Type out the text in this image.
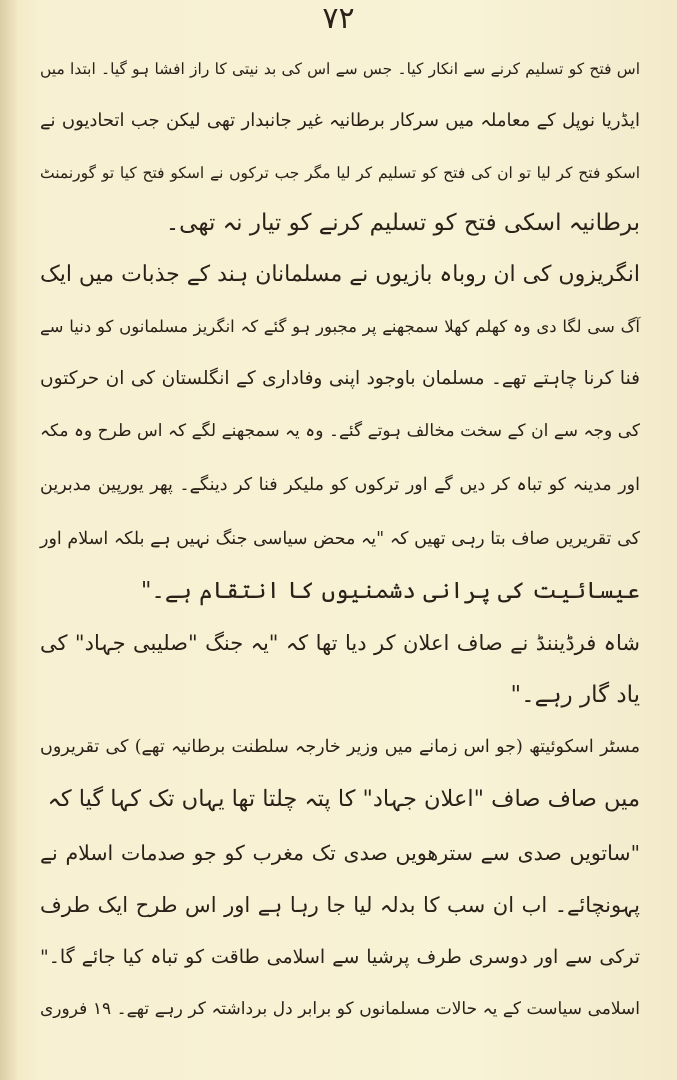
۷۲
اس فتح کو تسلیم کرنے سے انکار کیا۔ جس سے اس کی بد نیتی کا راز افشا ہو گیا۔ ابتدا میں
ایڈریا نوپل کے معاملہ میں سرکار برطانیہ غیر جانبدار تھی لیکن جب اتحادیوں نے
اسکو فتح کر لیا تو ان کی فتح کو تسلیم کر لیا مگر جب ترکوں نے اسکو فتح کیا تو گورنمنٹ
برطانیہ اسکی فتح کو تسلیم کرنے کو تیار نہ تھی۔
انگریزوں کی ان روباہ بازیوں نے مسلمانان ہند کے جذبات میں ایک
آگ سی لگا دی وہ کھلم کھلا سمجھنے پر مجبور ہو گئے کہ انگریز مسلمانوں کو دنیا سے
فنا کرنا چاہتے تھے۔ مسلمان باوجود اپنی وفاداری کے انگلستان کی ان حرکتوں
کی وجہ سے ان کے سخت مخالف ہوتے گئے۔ وہ یہ سمجھنے لگے کہ اس طرح وہ مکہ
اور مدینہ کو تباہ کر دیں گے اور ترکوں کو ملیکر فنا کر دینگے۔ پھر یورپین مدبرین
کی تقریریں صاف بتا رہی تھیں کہ "یہ محض سیاسی جنگ نہیں ہے بلکہ اسلام اور
عیسائیت کی پرانی دشمنیوں کا انتقام ہے۔"
شاہ فرڈیننڈ نے صاف اعلان کر دیا تھا کہ "یہ جنگ "صلیبی جہاد" کی
یاد گار رہے۔"
مسٹر اسکوئیتھ (جو اس زمانے میں وزیر خارجہ سلطنت برطانیہ تھے) کی تقریروں
میں صاف صاف "اعلان جہاد" کا پتہ چلتا تھا یہاں تک کہا گیا کہ
"ساتویں صدی سے سترھویں صدی تک مغرب کو جو صدمات اسلام نے
پہونچائے۔ اب ان سب کا بدلہ لیا جا رہا ہے اور اس طرح ایک طرف
ترکی سے اور دوسری طرف پرشیا سے اسلامی طاقت کو تباہ کیا جائے گا۔"
اسلامی سیاست کے یہ حالات مسلمانوں کو برابر دل برداشتہ کر رہے تھے۔ ۱۹ فروری
